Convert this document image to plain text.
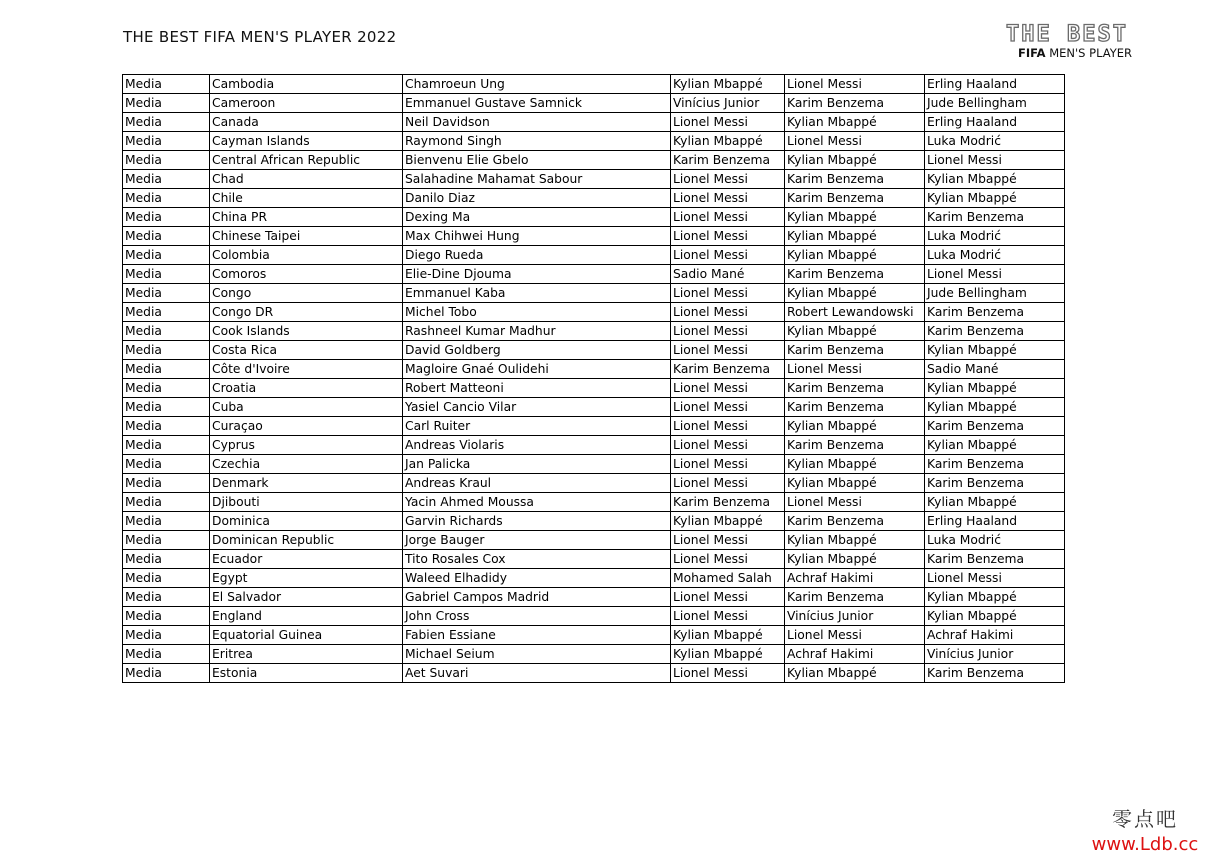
THE BEST FIFA MEN'S PLAYER 2022	THE BEST
FIFA MEN'S PLAYER
Media	Cambodia	Chamroeun Ung	Kylian Mbappé	Lionel Messi	Erling Haaland
Media	Cameroon	Emmanuel Gustave Samnick	Vinícius Junior	Karim Benzema	Jude Bellingham
Media	Canada	Neil Davidson	Lionel Messi	Kylian Mbappé	Erling Haaland
Media	Cayman Islands	Raymond Singh	Kylian Mbappé	Lionel Messi	Luka Modrić
Media	Central African Republic	Bienvenu Elie Gbelo	Karim Benzema	Kylian Mbappé	Lionel Messi
Media	Chad	Salahadine Mahamat Sabour	Lionel Messi	Karim Benzema	Kylian Mbappé
Media	Chile	Danilo Diaz	Lionel Messi	Karim Benzema	Kylian Mbappé
Media	China PR	Dexing Ma	Lionel Messi	Kylian Mbappé	Karim Benzema
Media	Chinese Taipei	Max Chihwei Hung	Lionel Messi	Kylian Mbappé	Luka Modrić
Media	Colombia	Diego Rueda	Lionel Messi	Kylian Mbappé	Luka Modrić
Media	Comoros	Elie-Dine Djouma	Sadio Mané	Karim Benzema	Lionel Messi
Media	Congo	Emmanuel Kaba	Lionel Messi	Kylian Mbappé	Jude Bellingham
Media	Congo DR	Michel Tobo	Lionel Messi	Robert Lewandowski	Karim Benzema
Media	Cook Islands	Rashneel Kumar Madhur	Lionel Messi	Kylian Mbappé	Karim Benzema
Media	Costa Rica	David Goldberg	Lionel Messi	Karim Benzema	Kylian Mbappé
Media	Côte d'Ivoire	Magloire Gnaé Oulidehi	Karim Benzema	Lionel Messi	Sadio Mané
Media	Croatia	Robert Matteoni	Lionel Messi	Karim Benzema	Kylian Mbappé
Media	Cuba	Yasiel Cancio Vilar	Lionel Messi	Karim Benzema	Kylian Mbappé
Media	Curaçao	Carl Ruiter	Lionel Messi	Kylian Mbappé	Karim Benzema
Media	Cyprus	Andreas Violaris	Lionel Messi	Karim Benzema	Kylian Mbappé
Media	Czechia	Jan Palicka	Lionel Messi	Kylian Mbappé	Karim Benzema
Media	Denmark	Andreas Kraul	Lionel Messi	Kylian Mbappé	Karim Benzema
Media	Djibouti	Yacin Ahmed Moussa	Karim Benzema	Lionel Messi	Kylian Mbappé
Media	Dominica	Garvin Richards	Kylian Mbappé	Karim Benzema	Erling Haaland
Media	Dominican Republic	Jorge Bauger	Lionel Messi	Kylian Mbappé	Luka Modrić
Media	Ecuador	Tito Rosales Cox	Lionel Messi	Kylian Mbappé	Karim Benzema
Media	Egypt	Waleed Elhadidy	Mohamed Salah	Achraf Hakimi	Lionel Messi
Media	El Salvador	Gabriel Campos Madrid	Lionel Messi	Karim Benzema	Kylian Mbappé
Media	England	John Cross	Lionel Messi	Vinícius Junior	Kylian Mbappé
Media	Equatorial Guinea	Fabien Essiane	Kylian Mbappé	Lionel Messi	Achraf Hakimi
Media	Eritrea	Michael Seium	Kylian Mbappé	Achraf Hakimi	Vinícius Junior
Media	Estonia	Aet Suvari	Lionel Messi	Kylian Mbappé	Karim Benzema
零点吧
www.Ldb.cc
